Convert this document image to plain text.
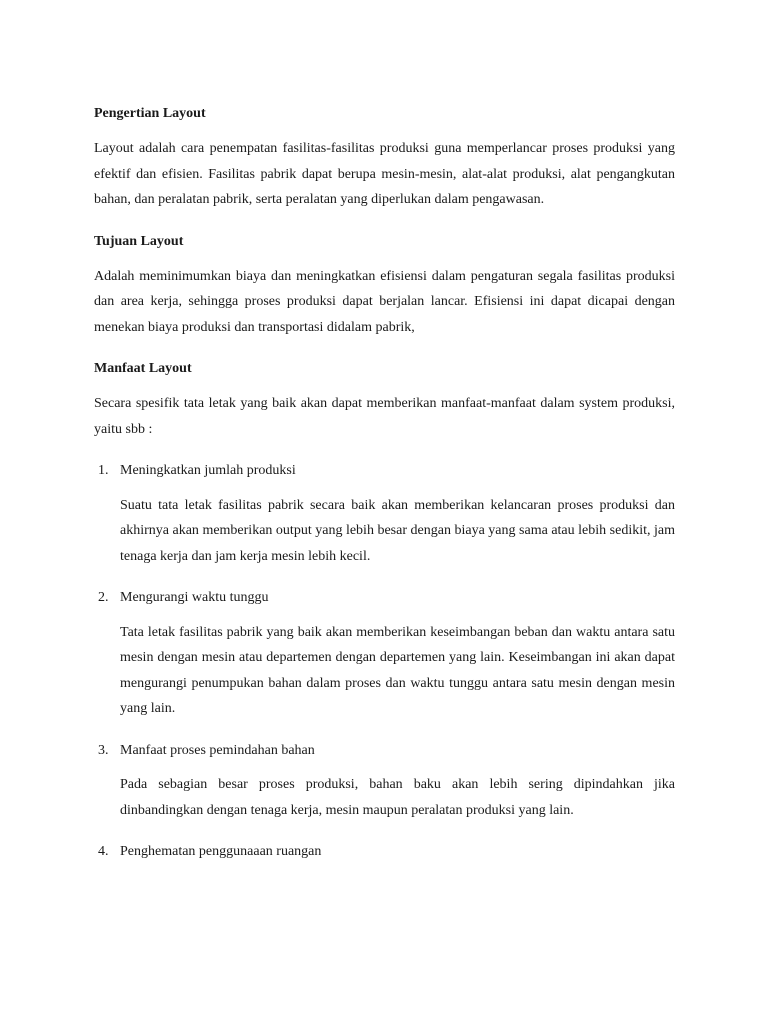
Pengertian Layout

Layout adalah cara penempatan fasilitas-fasilitas produksi guna memperlancar proses produksi yang efektif dan efisien. Fasilitas pabrik dapat berupa mesin-mesin, alat-alat produksi, alat pengangkutan bahan, dan peralatan pabrik, serta peralatan yang diperlukan dalam pengawasan.

Tujuan Layout

Adalah meminimumkan biaya dan meningkatkan efisiensi dalam pengaturan segala fasilitas produksi dan area kerja, sehingga proses produksi dapat berjalan lancar. Efisiensi ini dapat dicapai dengan menekan biaya produksi dan transportasi didalam pabrik,

Manfaat Layout

Secara spesifik tata letak yang baik akan dapat memberikan manfaat-manfaat dalam system produksi, yaitu sbb :

1. Meningkatkan jumlah produksi

Suatu tata letak fasilitas pabrik secara baik akan memberikan kelancaran proses produksi dan akhirnya akan memberikan output yang lebih besar dengan biaya yang sama atau lebih sedikit, jam tenaga kerja dan jam kerja mesin lebih kecil.

2. Mengurangi waktu tunggu

Tata letak fasilitas pabrik yang baik akan memberikan keseimbangan beban dan waktu antara satu mesin dengan mesin atau departemen dengan departemen yang lain. Keseimbangan ini akan dapat mengurangi penumpukan bahan dalam proses dan waktu tunggu antara satu mesin dengan mesin yang lain.

3. Manfaat proses pemindahan bahan

Pada sebagian besar proses produksi, bahan baku akan lebih sering dipindahkan jika dinbandingkan dengan tenaga kerja, mesin maupun peralatan produksi yang lain.

4. Penghematan penggunaaan ruangan
